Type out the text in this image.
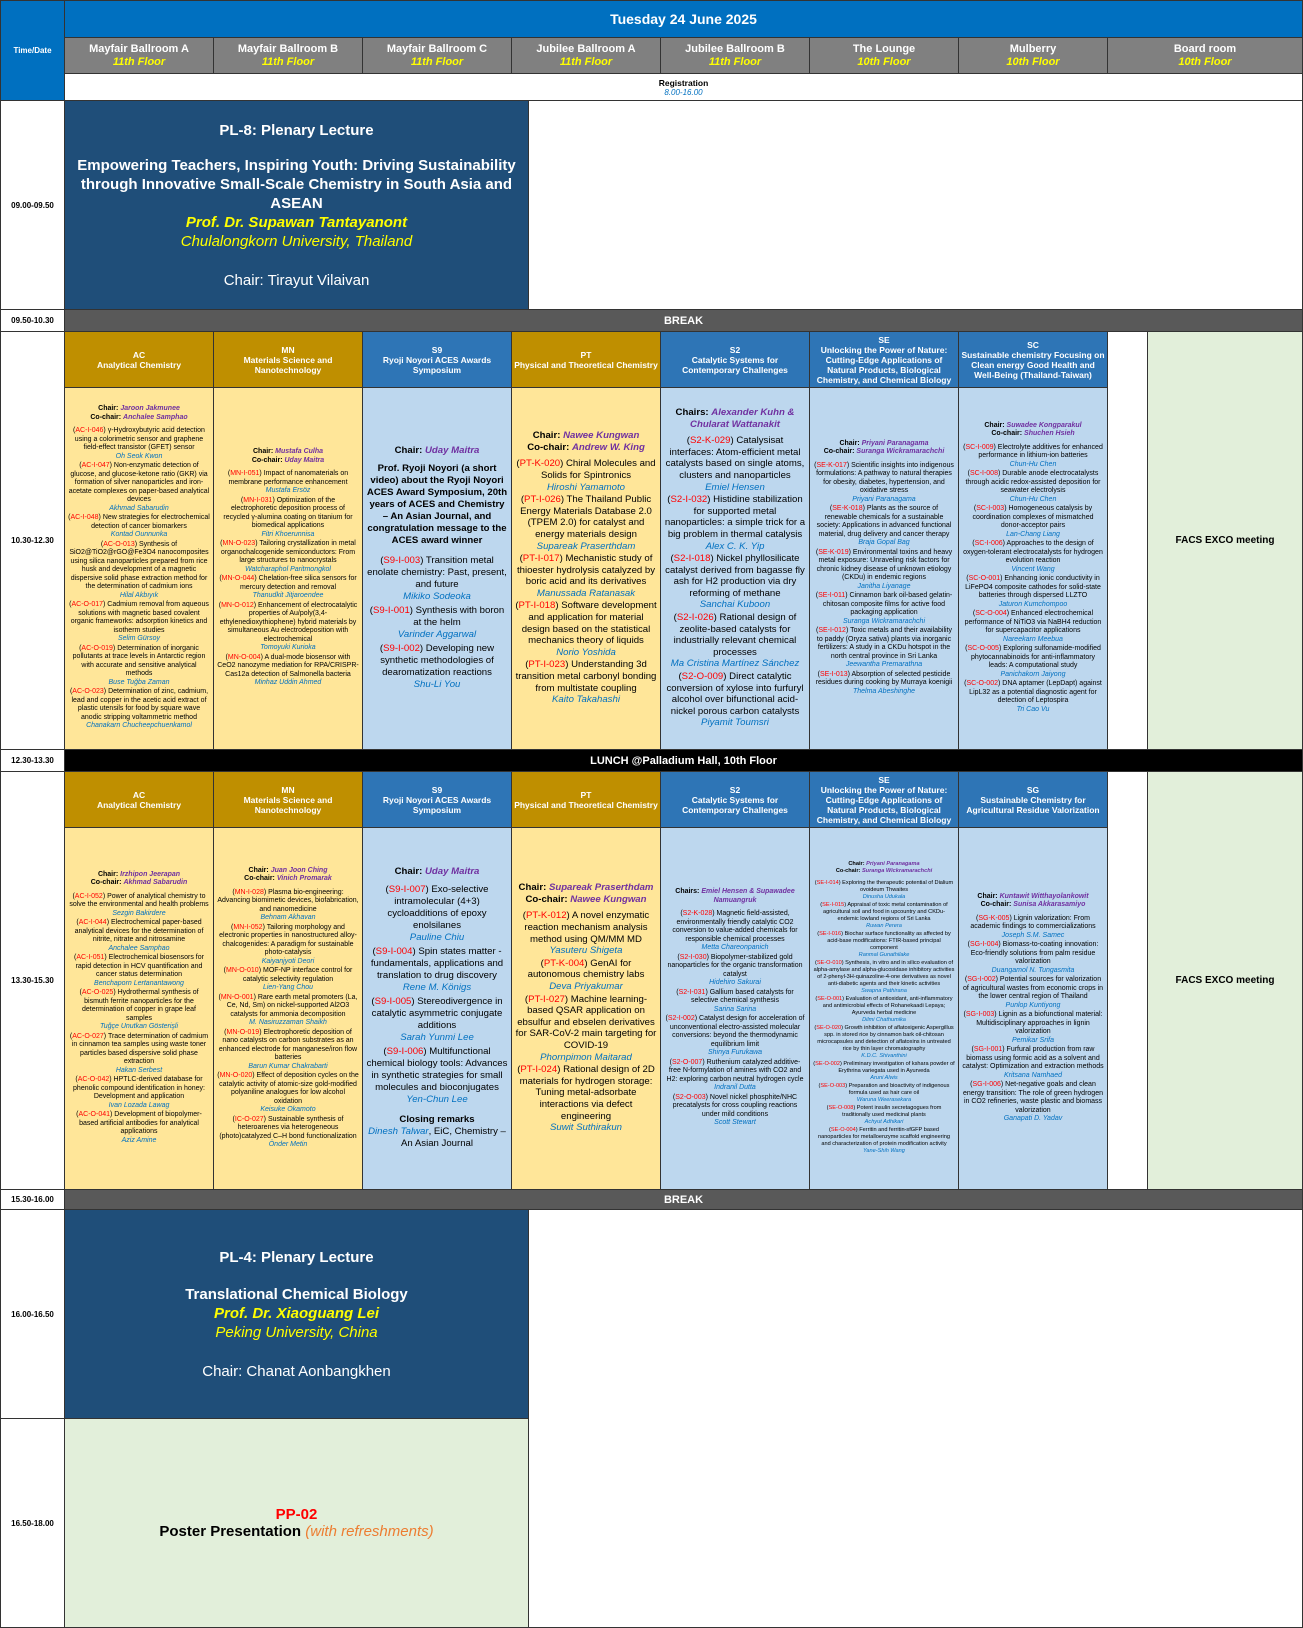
Time/Date
Tuesday 24 June 2025
Mayfair Ballroom A
11th Floor
Mayfair Ballroom B
11th Floor
Mayfair Ballroom C
11th Floor
Jubilee Ballroom A
11th Floor
Jubilee Ballroom B
11th Floor
The Lounge
10th Floor
Mulberry
10th Floor
Board room
10th Floor
Registration
8.00-16.00
09.00-09.50
09.50-10.30
10.30-12.30
12.30-13.30
13.30-15.30
15.30-16.00
16.00-16.50
16.50-18.00
PL-8: Plenary Lecture
Empowering Teachers, Inspiring Youth: Driving Sustainability through Innovative Small-Scale Chemistry in South Asia and ASEAN
Prof. Dr. Supawan Tantayanont
Chulalongkorn University, Thailand
Chair: Tirayut Vilaivan
BREAK
AC
Analytical Chemistry
MN
Materials Science and Nanotechnology
S9
Ryoji Noyori ACES Awards Symposium
PT
Physical and Theoretical Chemistry
S2
Catalytic Systems for Contemporary Challenges
SE
Unlocking the Power of Nature: Cutting-Edge Applications of Natural Products, Biological Chemistry, and Chemical Biology
SC
Sustainable chemistry Focusing on Clean energy Good Health and Well-Being (Thailand-Taiwan)

Chair: Jaroon Jakmunee
Co-chair: Anchalee Samphao

(AC-I-046) γ-Hydroxybutyric acid detection using a colorimetric sensor and graphene field-effect transistor (GFET) sensor
Oh Seok Kwon

(AC-I-047) Non-enzymatic detection of glucose, and glucose-ketone ratio (GKR) via formation of silver nanoparticles and iron-acetate complexes on paper-based analytical devices
Akhmad Sabarudin

(AC-I-048) New strategies for electrochemical detection of cancer biomarkers
Kontad Ounnunka

(AC-O-013) Synthesis of SiO2@TiO2@rGO@Fe3O4 nanocomposites using silica nanoparticles prepared from rice husk and development of a magnetic dispersive solid phase extraction method for the determination of cadmium ions
Hilal Akbıyık

(AC-O-017) Cadmium removal from aqueous solutions with magnetic based covalent organic frameworks: adsorption kinetics and isotherm studies
Selim Gürsoy

(AC-O-019) Determination of inorganic pollutants at trace levels in Antarctic region with accurate and sensitive analytical methods
Buse Tuğba Zaman

(AC-O-023) Determination of zinc, cadmium, lead and copper in the acetic acid extract of plastic utensils for food by square wave anodic stripping voltammetric method
Chanakarn Chucheepchuenkamol

Chair: Mustafa Culha
Co-chair: Uday Maitra

(MN-I-051) Impact of nanomaterials on membrane performance enhancement
Mustafa Ersöz

(MN-I-031) Optimization of the electrophoretic deposition process of recycled γ-alumina coating on titanium for biomedical applications
Fitri Khoerunnisa

(MN-O-023) Tailoring crystallization in metal organochalcogenide semiconductors: From large structures to nanocrystals
Watcharaphol Paritmongkol

(MN-O-044) Chelation-free silica sensors for mercury detection and removal
Thanudkit Jitjaroendee

(MN-O-012) Enhancement of electrocatalytic properties of Au/poly(3,4-ethylenedioxythiophene) hybrid materials by simultaneous Au electrodeposition with electrochemical
Tomoyuki Kurioka

(MN-O-004) A dual-mode biosensor with CeO2 nanozyme mediation for RPA/CRISPR-Cas12a detection of Salmonella bacteria
Minhaz Uddin Ahmed

Chair: Uday Maitra

Prof. Ryoji Noyori (a short video) about the Ryoji Noyori ACES Award Symposium, 20th years of ACES and Chemistry – An Asian Journal, and congratulation message to the ACES award winner

(S9-I-003) Transition metal enolate chemistry: Past, present, and future
Mikiko Sodeoka

(S9-I-001) Synthesis with boron at the helm
Varinder Aggarwal

(S9-I-002) Developing new synthetic methodologies of dearomatization reactions
Shu-Li You

Chair: Nawee Kungwan
Co-chair: Andrew W. King

(PT-K-020) Chiral Molecules and Solids for Spintronics
Hiroshi Yamamoto

(PT-I-026) The Thailand Public Energy Materials Database 2.0 (TPEM 2.0) for catalyst and energy materials design
Supareak Praserthdam

(PT-I-017) Mechanistic study of thioester hydrolysis catalyzed by boric acid and its derivatives
Manussada Ratanasak

(PT-I-018) Software development and application for material design based on the statistical mechanics theory of liquids
Norio Yoshida

(PT-I-023) Understanding 3d transition metal carbonyl bonding from multistate coupling
Kaito Takahashi

Chairs: Alexander Kuhn & Chularat Wattanakit

(S2-K-029) Catalysisat interfaces: Atom-efficient metal catalysts based on single atoms, clusters and nanoparticles
Emiel Hensen

(S2-I-032) Histidine stabilization for supported metal nanoparticles: a simple trick for a big problem in thermal catalysis
Alex C. K. Yip

(S2-I-018) Nickel phyllosilicate catalyst derived from bagasse fly ash for H2 production via dry reforming of methane
Sanchai Kuboon

(S2-I-026) Rational design of zeolite-based catalysts for industrially relevant chemical processes
Ma Cristina Martínez Sánchez

(S2-O-009) Direct catalytic conversion of xylose into furfuryl alcohol over bifunctional acid-nickel porous carbon catalysts
Piyamit Toumsri

Chair: Priyani Paranagama
Co-chair: Suranga Wickramarachchi

(SE-K-017) Scientific insights into indigenous formulations: A pathway to natural therapies for obesity, diabetes, hypertension, and oxidative stress
Priyani Paranagama

(SE-K-018) Plants as the source of renewable chemicals for a sustainable society: Applications in advanced functional material, drug delivery and cancer therapy
Braja Gopal Bag

(SE-K-019) Environmental toxins and heavy metal exposure: Unraveling risk factors for chronic kidney disease of unknown etiology (CKDu) in endemic regions
Janitha Liyanage

(SE-I-011) Cinnamon bark oil-based gelatin-chitosan composite films for active food packaging application
Suranga Wickramarachchi

(SE-I-012) Toxic metals and their availability to paddy (Oryza sativa) plants via inorganic fertilizers: A study in a CKDu hotspot in the north central province in Sri Lanka
Jeewantha Premarathna

(SE-I-013) Absorption of selected pesticide residues during cooking by Murraya koenigii
Thelma Abeshinghe

Chair: Suwadee Kongparakul
Co-chair: Shuchen Hsieh

(SC-I-009) Electrolyte additives for enhanced performance in lithium-ion batteries
Chun-Hu Chen

(SC-I-008) Durable anode electrocatalysts through acidic redox-assisted deposition for seawater electrolysis
Chun-Hu Chen

(SC-I-003) Homogeneous catalysis by coordination complexes of mismatched donor-acceptor pairs
Lan-Chang Liang

(SC-I-006) Approaches to the design of oxygen-tolerant electrocatalysts for hydrogen evolution reaction
Vincent Wang

(SC-O-001) Enhancing ionic conductivity in LiFePO4 composite cathodes for solid-state batteries through dispersed LLZTO
Jaturon Kumchompoo

(SC-O-004) Enhanced electrochemical performance of NiTiO3 via NaBH4 reduction for supercapacitor applications
Nareekarn Meebua

(SC-O-005) Exploring sulfonamide-modified phytocannabinoids for anti-inflammatory leads: A computational study
Panichakorn Jaiyong

(SC-O-002) DNA aptamer (LepDapt) against LipL32 as a potential diagnostic agent for detection of Leptospira
Tri Cao Vu

FACS EXCO meeting
LUNCH @Palladium Hall, 10th Floor
AC
Analytical Chemistry
MN
Materials Science and Nanotechnology
S9
Ryoji Noyori ACES Awards Symposium
PT
Physical and Theoretical Chemistry
S2
Catalytic Systems for Contemporary Challenges
SE
Unlocking the Power of Nature: Cutting-Edge Applications of Natural Products, Biological Chemistry, and Chemical Biology
SG
Sustainable Chemistry for Agricultural Residue Valorization

Chair: Irzhipon Jeerapan
Co-chair: Akhmad Sabarudin

(AC-I-052) Power of analytical chemistry to solve the environmental and health problems
Sezgin Bakirdere

(AC-I-044) Electrochemical paper-based analytical devices for the determination of nitrite, nitrate and nitrosamine
Anchalee Samphao

(AC-I-051) Electrochemical biosensors for rapid detection in HCV quantification and cancer status determination
Benchaporn Lertanantawong

(AC-O-025) Hydrothermal synthesis of bismuth ferrite nanoparticles for the determination of copper in grape leaf samples
Tuğçe Unutkan Gösterişli

(AC-O-027) Trace determination of cadmium in cinnamon tea samples using waste toner particles based dispersive solid phase extraction
Hakan Serbest

(AC-O-042) HPTLC-derived database for phenolic compound identification in honey: Development and application
Ivan Lozada Lawag

(AC-O-041) Development of biopolymer-based artificial antibodies for analytical applications
Aziz Amine

Chair: Juan Joon Ching
Co-chair: Vinich Promarak

(MN-I-028) Plasma bio-engineering: Advancing biomimetic devices, biofabrication, and nanomedicine
Behnam Akhavan

(MN-I-052) Tailoring morphology and electronic properties in nanostructured alloy-chalcogenides: A paradigm for sustainable photo-catalysis
Kaiyanjyoti Deori

(MN-O-010) MOF-NP interface control for catalytic selectivity regulation
Lien-Yang Chou

(MN-O-001) Rare earth metal promoters (La, Ce, Nd, Sm) on nickel-supported Al2O3 catalysts for ammonia decomposition
M. Nasiruzzaman Shaikh

(MN-O-019) Electrophoretic deposition of nano catalysts on carbon substrates as an enhanced electrode for manganese/iron flow batteries
Barun Kumar Chakrabarti

(MN-O-020) Effect of deposition cycles on the catalytic activity of atomic-size gold-modified polyaniline analogues for low alcohol oxidation
Keisuke Okamoto

(IC-O-027) Sustainable synthesis of heteroarenes via heterogeneous (photo)catalyzed C–H bond functionalization
Önder Metin

Chair: Uday Maitra

(S9-I-007) Exo-selective intramolecular (4+3) cycloadditions of epoxy enolsilanes
Pauline Chiu

(S9-I-004) Spin states matter - fundamentals, applications and translation to drug discovery
Rene M. Königs

(S9-I-005) Stereodivergence in catalytic asymmetric conjugate additions
Sarah Yunmi Lee

(S9-I-006) Multifunctional chemical biology tools: Advances in synthetic strategies for small molecules and bioconjugates
Yen-Chun Lee

Closing remarks
Dinesh Talwar, EiC, Chemistry – An Asian Journal

Chair: Supareak Praserthdam
Co-chair: Nawee Kungwan

(PT-K-012) A novel enzymatic reaction mechanism analysis method using QM/MM MD
Yasuteru Shigeta

(PT-K-004) GenAI for autonomous chemistry labs
Deva Priyakumar

(PT-I-027) Machine learning-based QSAR application on ebsulfur and ebselen derivatives for SAR-CoV-2 main targeting for COVID-19
Phornpimon Maitarad

(PT-I-024) Rational design of 2D materials for hydrogen storage: Tuning metal-adsorbate interactions via defect engineering
Suwit Suthirakun

Chairs: Emiel Hensen & Supawadee Namuangruk

(S2-K-028) Magnetic field-assisted, environmentally friendly catalytic CO2 conversion to value-added chemicals for responsible chemical processes
Metta Chareonpanich

(S2-I-030) Biopolymer-stabilized gold nanoparticles for the organic transformation catalyst
Hidehiro Sakurai

(S2-I-031) Gallium based catalysts for selective chemical synthesis
Sarina Sarina

(S2-I-002) Catalyst design for acceleration of unconventional electro-assisted molecular conversions: beyond the thermodynamic equilibrium limit
Shinya Furukawa

(S2-O-007) Ruthenium catalyzed additive-free N-formylation of amines with CO2 and H2: exploring carbon neutral hydrogen cycle
Indranil Dutta

(S2-O-003) Novel nickel phosphite/NHC precatalysts for cross coupling reactions under mild conditions
Scott Stewart

Chair: Priyani Paranagama
Co-chair: Suranga Wickramarachchi

(SE-I-014) Exploring the therapeutic potential of Dialium ovoideum Thwaites
Dinusha Udukala

(SE-I-015) Appraisal of toxic metal contamination of agricultural soil and food in upcountry and CKDu-endemic lowland regions of Sri Lanka
Ruwan Perera

(SE-I-016) Biochar surface functionality as affected by acid-base modifications: FTIR-based principal component
Ranmal Gunathilake

(SE-O-010) Synthesis, in vitro and in silico evaluation of alpha-amylase and alpha-glucosidase inhibitory activities of 2-phenyl-3H-quinazoline-4-one derivatives as novel anti-diabetic agents and their kinetic activities
Swapna Pathirana

(SE-O-001) Evaluation of antioxidant, anti-inflammatory and antimicrobial effects of Rohanekaadi Lepaya; Ayurveda herbal medicine
Dilmi Chathumika

(SE-O-020) Growth inhibition of aflatoxigenic Aspergillus spp. in stored rice by cinnamon bark oil-chitosan microcapsules and detection of aflatoxins in untreated rice by thin layer chromatography
K.D.C. Shivanthini

(SE-O-002) Preliminary investigation of kshara powder of Erythrina variegata used in Ayurveda
Aruni Alwis

(SE-O-003) Preparation and bioactivity of indigenous formula used as hair care oil
Waruna Weerasekara

(SE-O-008) Potent insulin secretagogues from traditionally used medicinal plants
Achyut Adhikari

(SE-O-004) Ferritin and ferritin-sfGFP based nanoparticles for metalloenzyme scaffold engineering and characterization of protein modification activity
Yane-Shih Wang

Chair: Kuntawit Witthayolankowit
Co-chair: Sunisa Akkarasamiyo

(SG-K-005) Lignin valorization: From academic findings to commercializations
Joseph S.M. Samec

(SG-I-004) Biomass-to-coating innovation: Eco-friendly solutions from palm residue valorization
Duangamol N. Tungasmita

(SG-I-002) Potential sources for valorization of agricultural wastes from economic crops in the lower central region of Thailand
Punlop Kuntiyong

(SG-I-003) Lignin as a biofunctional material: Multidisciplinary approaches in lignin valorization
Pemikar Srifa

(SG-I-001) Furfural production from raw biomass using formic acid as a solvent and catalyst: Optimization and extraction methods
Kritsana Namhaed

(SG-I-006) Net-negative goals and clean energy transition: The role of green hydrogen in CO2 refineries, waste plastic and biomass valorization
Ganapati D. Yadav

FACS EXCO meeting
BREAK
PL-4: Plenary Lecture
Translational Chemical Biology
Prof. Dr. Xiaoguang Lei
Peking University, China
Chair: Chanat Aonbangkhen
PP-02
Poster Presentation (with refreshments)
